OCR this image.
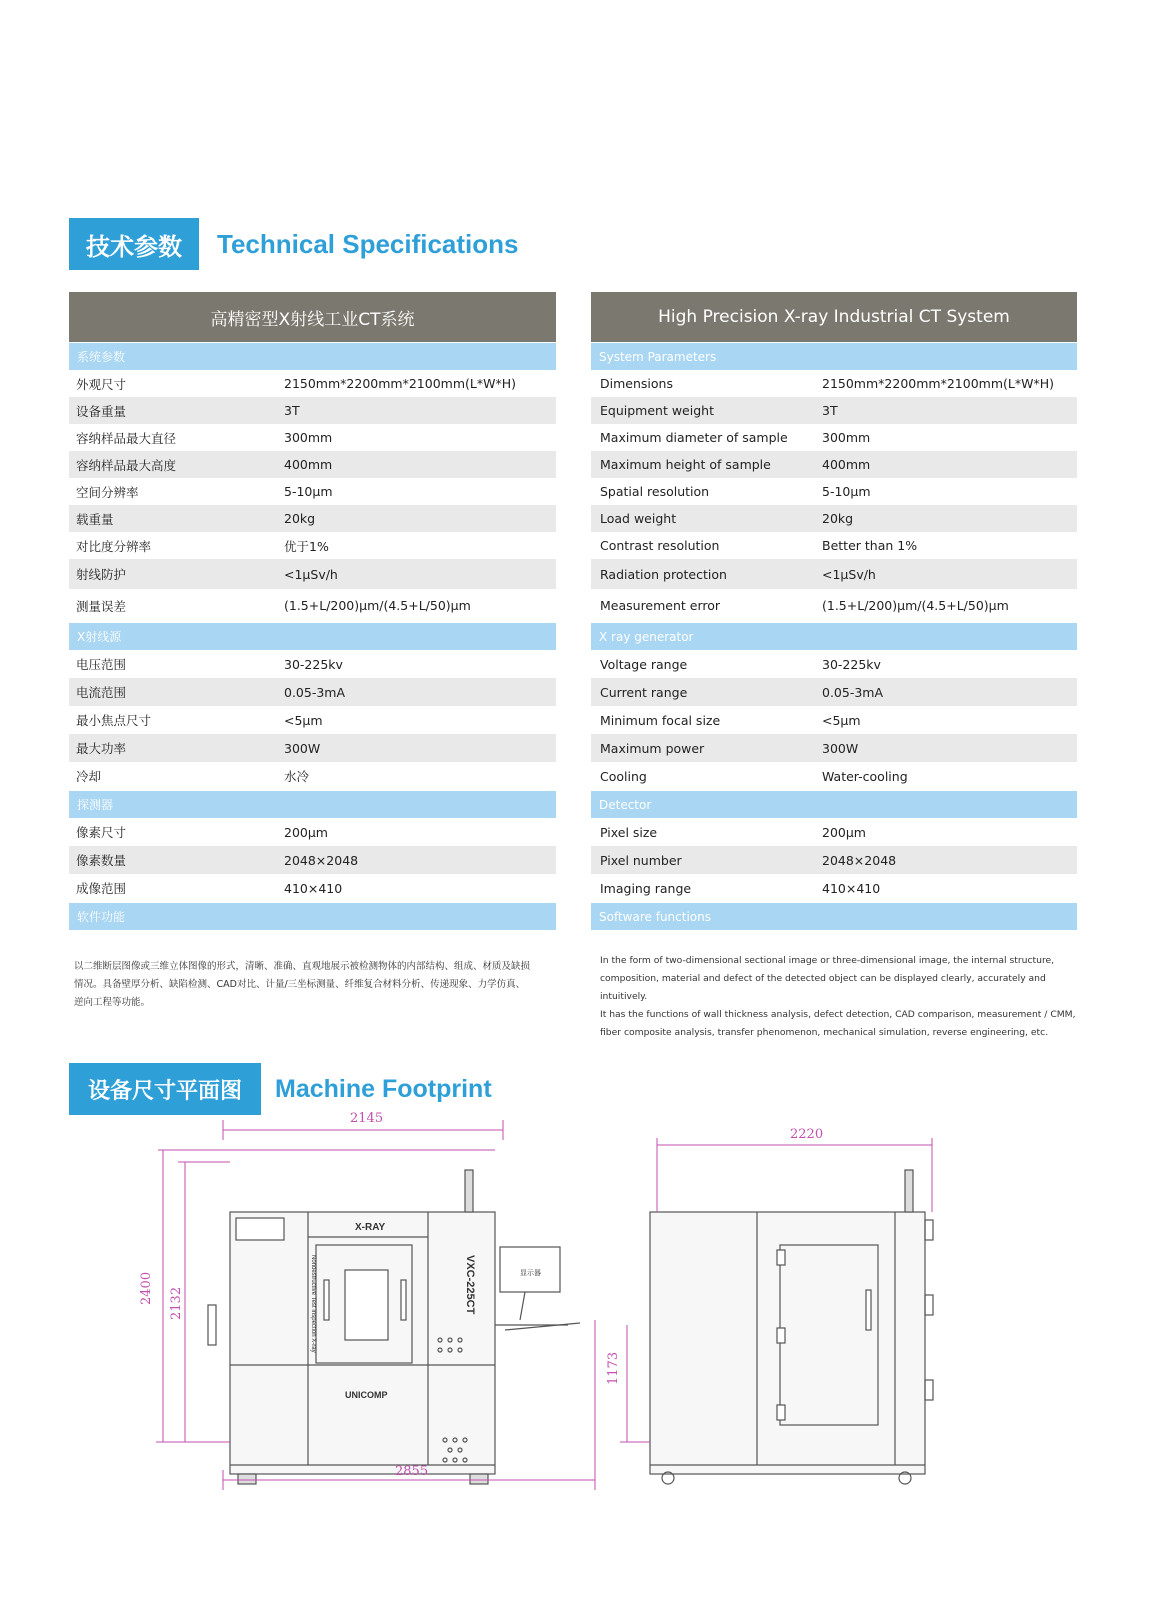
技术参数	Technical Specifications
高精密型X射线工业CT系统
系统参数
外观尺寸	2150mm*2200mm*2100mm(L*W*H)
设备重量	3T
容纳样品最大直径	300mm
容纳样品最大高度	400mm
空间分辨率	5-10μm
载重量	20kg
对比度分辨率	优于1%
射线防护	<1μSv/h
测量误差	(1.5+L/200)μm/(4.5+L/50)μm
X射线源
电压范围	30-225kv
电流范围	0.05-3mA
最小焦点尺寸	<5μm
最大功率	300W
冷却	水冷
探测器
像素尺寸	200μm
像素数量	2048×2048
成像范围	410×410
软件功能
High Precision X-ray Industrial CT System
System Parameters
Dimensions	2150mm*2200mm*2100mm(L*W*H)
Equipment weight	3T
Maximum diameter of sample	300mm
Maximum height of sample	400mm
Spatial resolution	5-10μm
Load weight	20kg
Contrast resolution	Better than 1%
Radiation protection	<1μSv/h
Measurement error	(1.5+L/200)μm/(4.5+L/50)μm
X ray generator
Voltage range	30-225kv
Current range	0.05-3mA
Minimum focal size	<5μm
Maximum power	300W
Cooling	Water-cooling
Detector
Pixel size	200μm
Pixel number	2048×2048
Imaging range	410×410
Software functions
以二维断层图像或三维立体图像的形式，清晰、准确、直观地展示被检测物体的内部结构、组成、材质及缺损
情况。具备壁厚分析、缺陷检测、CAD对比、计量/三坐标测量、纤维复合材料分析、传递现象、力学仿真、
逆向工程等功能。
In the form of two-dimensional sectional image or three-dimensional image, the internal structure,
composition, material and defect of the detected object can be displayed clearly, accurately and intuitively.
It has the functions of wall thickness analysis, defect detection, CAD comparison, measurement / CMM,
fiber composite analysis, transfer phenomenon, mechanical simulation, reverse engineering, etc.
设备尺寸平面图	Machine Footprint
2145
2400 2132
1173
2855
2220
X-RAY
UNICOMP
VXC-225CT
Nondestructive Test Inspection X-ray	显示器
